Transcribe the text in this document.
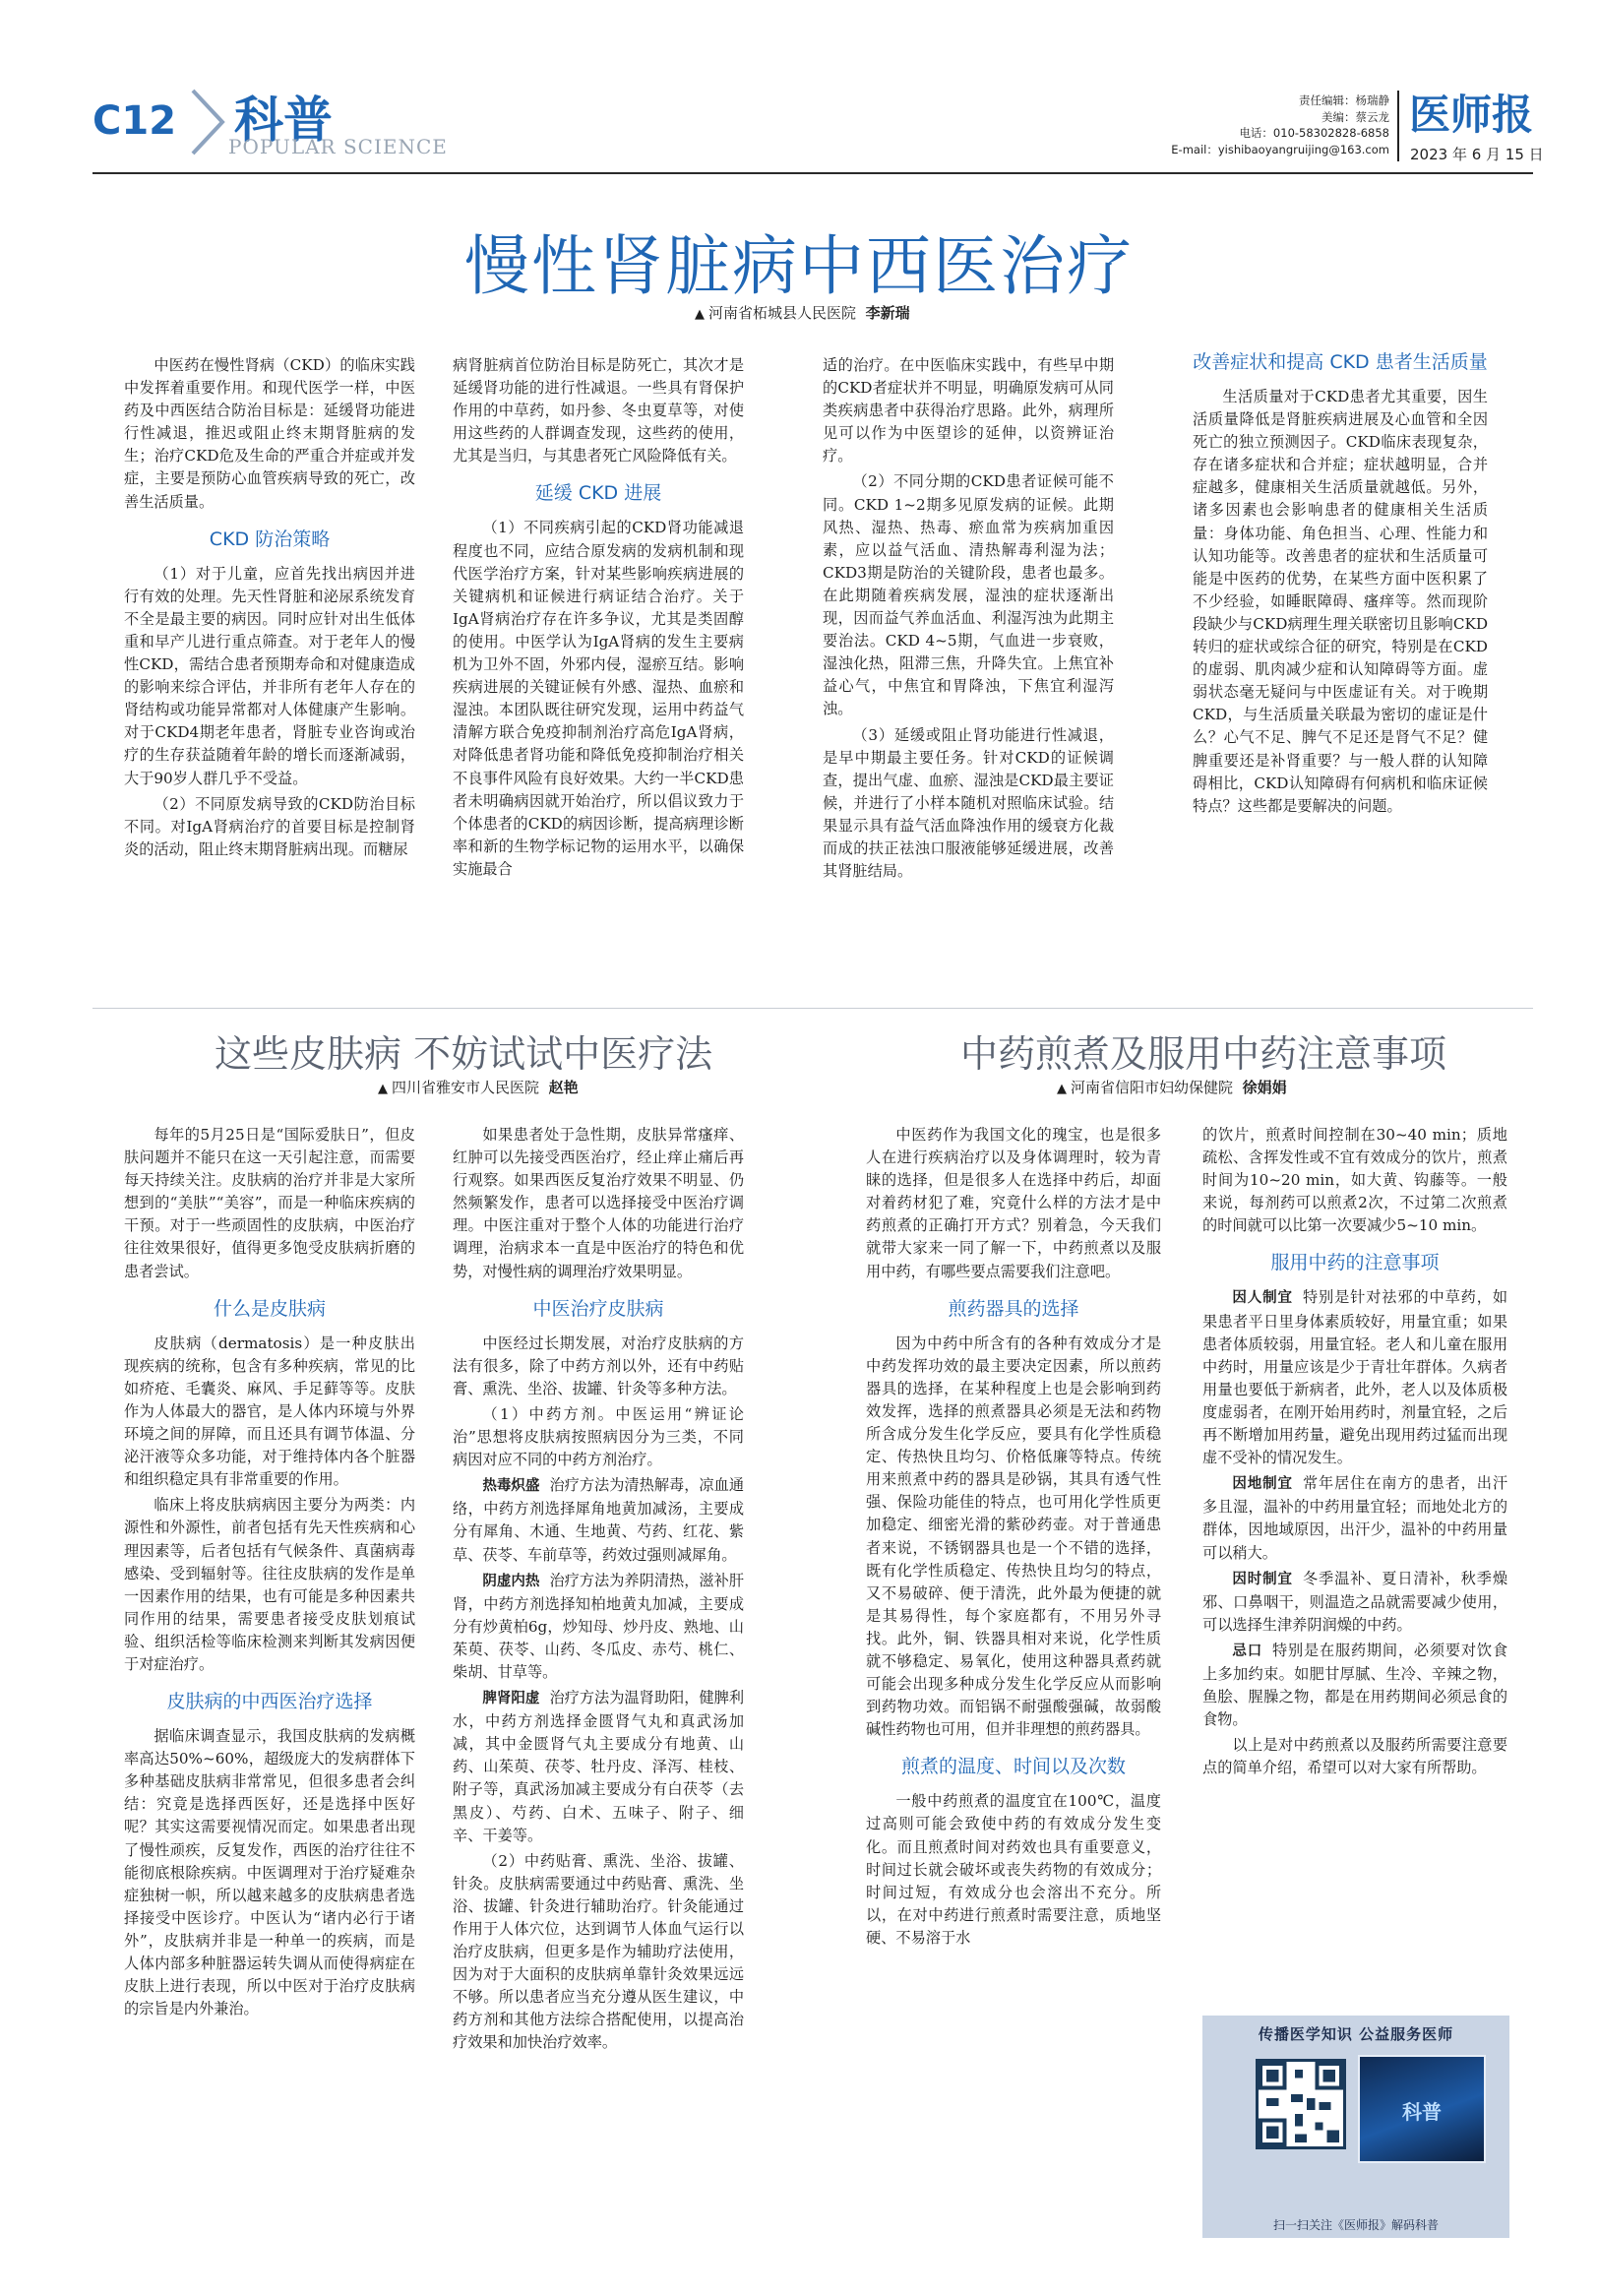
C12 科普
POPULAR SCIENCE
责任编辑：杨瑞静
美编：蔡云龙
电话：010-58302828-6858
E-mail：yishibaoyangruijing@163.com
医师报
2023 年 6 月 15 日
慢性肾脏病中西医治疗
▲ 河南省柘城县人民医院 李新瑞

中医药在慢性肾病（CKD）的临床实践中发挥着重要作用。和现代医学一样，中医药及中西医结合防治目标是：延缓肾功能进行性减退，推迟或阻止终末期肾脏病的发生；治疗CKD危及生命的严重合并症或并发症，主要是预防心血管疾病导致的死亡，改善生活质量。

CKD 防治策略

（1）对于儿童，应首先找出病因并进行有效的处理。先天性肾脏和泌尿系统发育不全是最主要的病因。同时应针对出生低体重和早产儿进行重点筛查。对于老年人的慢性CKD，需结合患者预期寿命和对健康造成的影响来综合评估，并非所有老年人存在的肾结构或功能异常都对人体健康产生影响。对于CKD4期老年患者，肾脏专业咨询或治疗的生存获益随着年龄的增长而逐渐减弱，大于90岁人群几乎不受益。

（2）不同原发病导致的CKD防治目标不同。对IgA肾病治疗的首要目标是控制肾炎的活动，阻止终末期肾脏病出现。而糖尿

病肾脏病首位防治目标是防死亡，其次才是延缓肾功能的进行性减退。一些具有肾保护作用的中草药，如丹参、冬虫夏草等，对使用这些药的人群调查发现，这些药的使用，尤其是当归，与其患者死亡风险降低有关。

延缓 CKD 进展

（1）不同疾病引起的CKD肾功能减退程度也不同，应结合原发病的发病机制和现代医学治疗方案，针对某些影响疾病进展的关键病机和证候进行病证结合治疗。关于IgA肾病治疗存在许多争议，尤其是类固醇的使用。中医学认为IgA肾病的发生主要病机为卫外不固，外邪内侵，湿瘀互结。影响疾病进展的关键证候有外感、湿热、血瘀和湿浊。本团队既往研究发现，运用中药益气清解方联合免疫抑制剂治疗高危IgA肾病，对降低患者肾功能和降低免疫抑制治疗相关不良事件风险有良好效果。大约一半CKD患者未明确病因就开始治疗，所以倡议致力于个体患者的CKD的病因诊断，提高病理诊断率和新的生物学标记物的运用水平，以确保实施最合

适的治疗。在中医临床实践中，有些早中期的CKD者症状并不明显，明确原发病可从同类疾病患者中获得治疗思路。此外，病理所见可以作为中医望诊的延伸，以资辨证治疗。

（2）不同分期的CKD患者证候可能不同。CKD 1~2期多见原发病的证候。此期风热、湿热、热毒、瘀血常为疾病加重因素，应以益气活血、清热解毒利湿为法；CKD3期是防治的关键阶段，患者也最多。在此期随着疾病发展，湿浊的症状逐渐出现，因而益气养血活血、利湿泻浊为此期主要治法。CKD 4~5期，气血进一步衰败，湿浊化热，阻滞三焦，升降失宜。上焦宜补益心气，中焦宜和胃降浊，下焦宜利湿泻浊。

（3）延缓或阻止肾功能进行性减退，是早中期最主要任务。针对CKD的证候调查，提出气虚、血瘀、湿浊是CKD最主要证候，并进行了小样本随机对照临床试验。结果显示具有益气活血降浊作用的缓衰方化裁而成的扶正祛浊口服液能够延缓进展，改善其肾脏结局。

改善症状和提高 CKD 患者生活质量

生活质量对于CKD患者尤其重要，因生活质量降低是肾脏疾病进展及心血管和全因死亡的独立预测因子。CKD临床表现复杂，存在诸多症状和合并症；症状越明显，合并症越多，健康相关生活质量就越低。另外，诸多因素也会影响患者的健康相关生活质量：身体功能、角色担当、心理、性能力和认知功能等。改善患者的症状和生活质量可能是中医药的优势，在某些方面中医积累了不少经验，如睡眠障碍、瘙痒等。然而现阶段缺少与CKD病理生理关联密切且影响CKD转归的症状或综合征的研究，特别是在CKD的虚弱、肌肉减少症和认知障碍等方面。虚弱状态毫无疑问与中医虚证有关。对于晚期CKD，与生活质量关联最为密切的虚证是什么？心气不足、脾气不足还是肾气不足？健脾重要还是补肾重要？与一般人群的认知障碍相比，CKD认知障碍有何病机和临床证候特点？这些都是要解决的问题。

这些皮肤病 不妨试试中医疗法
▲ 四川省雅安市人民医院 赵艳

每年的5月25日是“国际爱肤日”，但皮肤问题并不能只在这一天引起注意，而需要每天持续关注。皮肤病的治疗并非是大家所想到的“美肤”“美容”，而是一种临床疾病的干预。对于一些顽固性的皮肤病，中医治疗往往效果很好，值得更多饱受皮肤病折磨的患者尝试。

什么是皮肤病

皮肤病（dermatosis）是一种皮肤出现疾病的统称，包含有多种疾病，常见的比如疥疮、毛囊炎、麻风、手足藓等等。皮肤作为人体最大的器官，是人体内环境与外界环境之间的屏障，而且还具有调节体温、分泌汗液等众多功能，对于维持体内各个脏器和组织稳定具有非常重要的作用。

临床上将皮肤病病因主要分为两类：内源性和外源性，前者包括有先天性疾病和心理因素等，后者包括有气候条件、真菌病毒感染、受到辐射等。往往皮肤病的发作是单一因素作用的结果，也有可能是多种因素共同作用的结果，需要患者接受皮肤划痕试验、组织活检等临床检测来判断其发病因便于对症治疗。

皮肤病的中西医治疗选择

据临床调查显示，我国皮肤病的发病概率高达50%~60%，超级庞大的发病群体下多种基础皮肤病非常常见，但很多患者会纠结：究竟是选择西医好，还是选择中医好呢？其实这需要视情况而定。如果患者出现了慢性顽疾，反复发作，西医的治疗往往不能彻底根除疾病。中医调理对于治疗疑难杂症独树一帜，所以越来越多的皮肤病患者选择接受中医诊疗。中医认为“诸内必行于诸外”，皮肤病并非是一种单一的疾病，而是人体内部多种脏器运转失调从而使得病症在皮肤上进行表现，所以中医对于治疗皮肤病的宗旨是内外兼治。

如果患者处于急性期，皮肤异常瘙痒、红肿可以先接受西医治疗，经止痒止痛后再行观察。如果西医反复治疗效果不明显、仍然频繁发作，患者可以选择接受中医治疗调理。中医注重对于整个人体的功能进行治疗调理，治病求本一直是中医治疗的特色和优势，对慢性病的调理治疗效果明显。

中医治疗皮肤病

中医经过长期发展，对治疗皮肤病的方法有很多，除了中药方剂以外，还有中药贴膏、熏洗、坐浴、拔罐、针灸等多种方法。

（1）中药方剂。中医运用“辨证论治”思想将皮肤病按照病因分为三类，不同病因对应不同的中药方剂治疗。

热毒炽盛 治疗方法为清热解毒，凉血通络，中药方剂选择犀角地黄加减汤，主要成分有犀角、木通、生地黄、芍药、红花、紫草、茯苓、车前草等，药效过强则减犀角。

阴虚内热 治疗方法为养阴清热，滋补肝肾，中药方剂选择知柏地黄丸加减，主要成分有炒黄柏6g，炒知母、炒丹皮、熟地、山茱萸、茯苓、山药、冬瓜皮、赤芍、桃仁、柴胡、甘草等。

脾肾阳虚 治疗方法为温肾助阳，健脾利水，中药方剂选择金匮肾气丸和真武汤加减，其中金匮肾气丸主要成分有地黄、山药、山茱萸、茯苓、牡丹皮、泽泻、桂枝、附子等，真武汤加减主要成分有白茯苓（去黑皮）、芍药、白术、五味子、附子、细辛、干姜等。

（2）中药贴膏、熏洗、坐浴、拔罐、针灸。皮肤病需要通过中药贴膏、熏洗、坐浴、拔罐、针灸进行辅助治疗。针灸能通过作用于人体穴位，达到调节人体血气运行以治疗皮肤病，但更多是作为辅助疗法使用，因为对于大面积的皮肤病单靠针灸效果远远不够。所以患者应当充分遵从医生建议，中药方剂和其他方法综合搭配使用，以提高治疗效果和加快治疗效率。

中药煎煮及服用中药注意事项
▲ 河南省信阳市妇幼保健院 徐娟娟

中医药作为我国文化的瑰宝，也是很多人在进行疾病治疗以及身体调理时，较为青睐的选择，但是很多人在选择中药后，却面对着药材犯了难，究竟什么样的方法才是中药煎煮的正确打开方式？别着急，今天我们就带大家来一同了解一下，中药煎煮以及服用中药，有哪些要点需要我们注意吧。

煎药器具的选择

因为中药中所含有的各种有效成分才是中药发挥功效的最主要决定因素，所以煎药器具的选择，在某种程度上也是会影响到药效发挥，选择的煎煮器具必须是无法和药物所含成分发生化学反应，要具有化学性质稳定、传热快且均匀、价格低廉等特点。传统用来煎煮中药的器具是砂锅，其具有透气性强、保险功能佳的特点，也可用化学性质更加稳定、细密光滑的紫砂药壶。对于普通患者来说，不锈钢器具也是一个不错的选择，既有化学性质稳定、传热快且均匀的特点，又不易破碎、便于清洗，此外最为便捷的就是其易得性，每个家庭都有，不用另外寻找。此外，铜、铁器具相对来说，化学性质就不够稳定、易氧化，使用这种器具煮药就可能会出现多种成分发生化学反应从而影响到药物功效。而铝锅不耐强酸强碱，故弱酸碱性药物也可用，但并非理想的煎药器具。

煎煮的温度、时间以及次数

一般中药煎煮的温度宜在100℃，温度过高则可能会致使中药的有效成分发生变化。而且煎煮时间对药效也具有重要意义，时间过长就会破坏或丧失药物的有效成分；时间过短，有效成分也会溶出不充分。所以，在对中药进行煎煮时需要注意，质地坚硬、不易溶于水

的饮片，煎煮时间控制在30~40 min；质地疏松、含挥发性或不宜有效成分的饮片，煎煮时间为10~20 min，如大黄、钩藤等。一般来说，每剂药可以煎煮2次，不过第二次煎煮的时间就可以比第一次要减少5~10 min。

服用中药的注意事项

因人制宜 特别是针对祛邪的中草药，如果患者平日里身体素质较好，用量宜重；如果患者体质较弱，用量宜轻。老人和儿童在服用中药时，用量应该是少于青壮年群体。久病者用量也要低于新病者，此外，老人以及体质极度虚弱者，在刚开始用药时，剂量宜轻，之后再不断增加用药量，避免出现用药过猛而出现虚不受补的情况发生。

因地制宜 常年居住在南方的患者，出汗多且湿，温补的中药用量宜轻；而地处北方的群体，因地域原因，出汗少，温补的中药用量可以稍大。

因时制宜 冬季温补、夏日清补，秋季燥邪、口鼻咽干，则温造之品就需要减少使用，可以选择生津养阴润燥的中药。

忌口 特别是在服药期间，必须要对饮食上多加约束。如肥甘厚腻、生冷、辛辣之物，鱼脍、腥臊之物，都是在用药期间必须忌食的食物。

以上是对中药煎煮以及服药所需要注意要点的简单介绍，希望可以对大家有所帮助。

传播医学知识 公益服务医师
科普
扫一扫关注《医师报》解码科普
